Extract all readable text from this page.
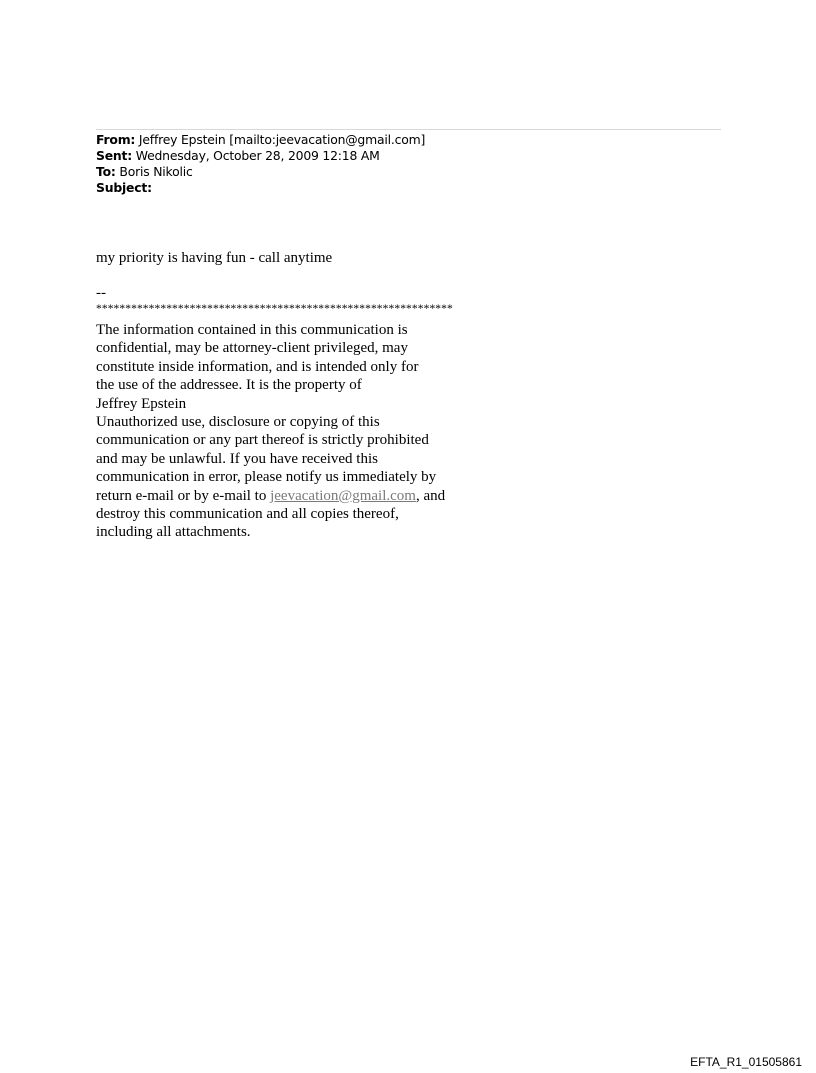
From: Jeffrey Epstein [mailto:jeevacation@gmail.com]
Sent: Wednesday, October 28, 2009 12:18 AM
To: Boris Nikolic
Subject:
my priority is having fun - call anytime
--
*************************************************************
The information contained in this communication is
confidential, may be attorney-client privileged, may
constitute inside information, and is intended only for
the use of the addressee. It is the property of
Jeffrey Epstein
Unauthorized use, disclosure or copying of this
communication or any part thereof is strictly prohibited
and may be unlawful. If you have received this
communication in error, please notify us immediately by
return e-mail or by e-mail to jeevacation@gmail.com, and
destroy this communication and all copies thereof,
including all attachments.
EFTA_R1_01505861
